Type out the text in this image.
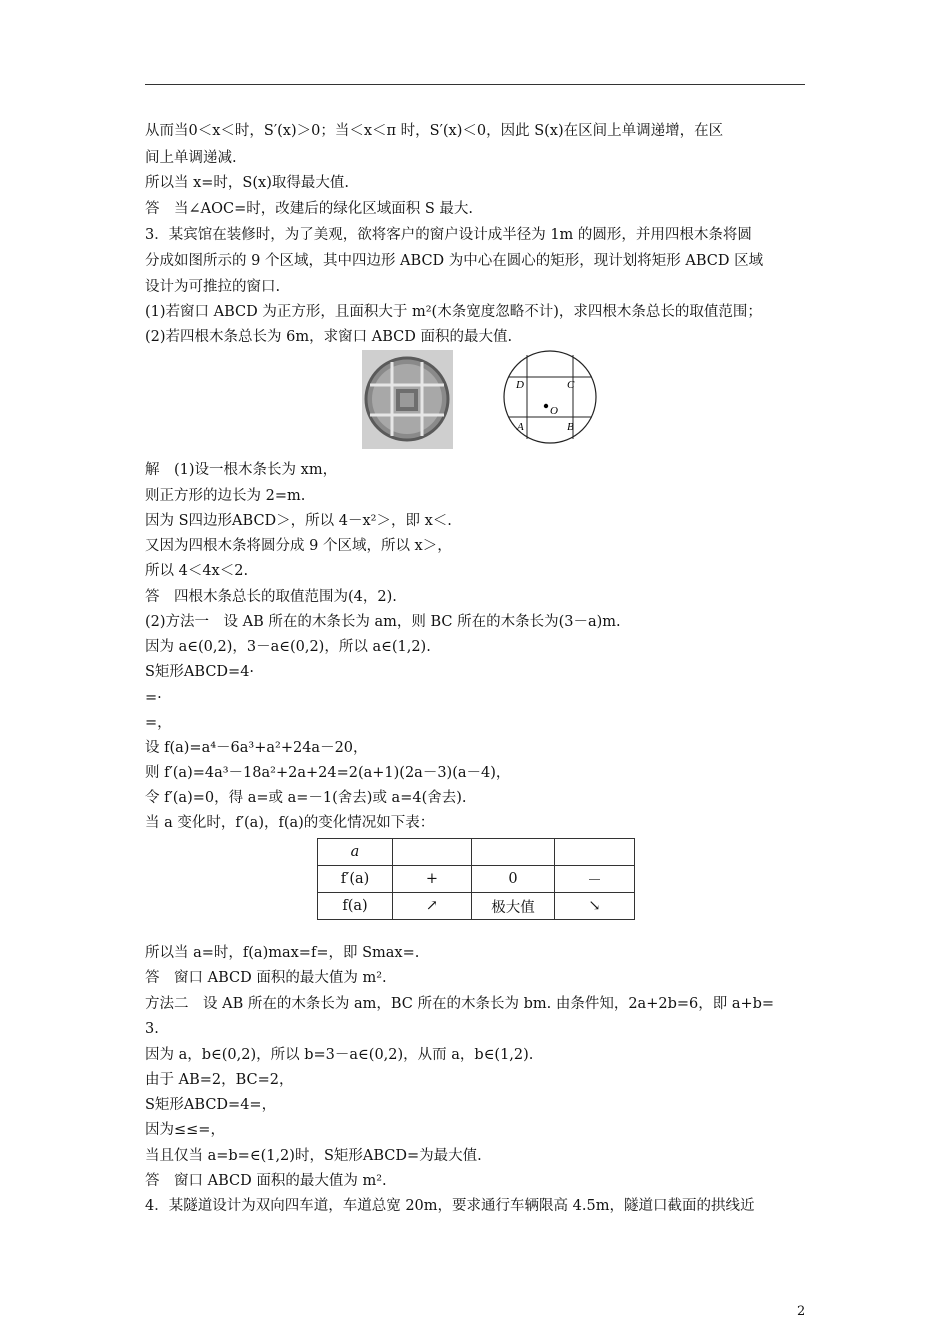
从而当0＜x＜时，S′(x)＞0；当＜x＜π 时，S′(x)＜0，因此 S(x)在区间上单调递增，在区
间上单调递减.
所以当 x=时，S(x)取得最大值.
答　当∠AOC=时，改建后的绿化区域面积 S 最大.
3．某宾馆在装修时，为了美观，欲将客户的窗户设计成半径为 1m 的圆形，并用四根木条将圆
分成如图所示的 9 个区域，其中四边形 ABCD 为中心在圆心的矩形，现计划将矩形 ABCD 区域
设计为可推拉的窗口.
(1)若窗口 ABCD 为正方形，且面积大于 m²(木条宽度忽略不计)，求四根木条总长的取值范围；
(2)若四根木条总长为 6m，求窗口 ABCD 面积的最大值.
D	C
O
A	B
解　(1)设一根木条长为 xm，
则正方形的边长为 2=m.
因为 S四边形ABCD＞，所以 4－x²＞，即 x＜.
又因为四根木条将圆分成 9 个区域，所以 x＞，
所以 4＜4x＜2.
答　四根木条总长的取值范围为(4，2).
(2)方法一　设 AB 所在的木条长为 am，则 BC 所在的木条长为(3－a)m.
因为 a∈(0,2)，3－a∈(0,2)，所以 a∈(1,2).
S矩形ABCD=4·
=·
=，
设 f(a)=a⁴－6a³+a²+24a－20，
则 f′(a)=4a³－18a²+2a+24=2(a+1)(2a－3)(a－4)，
令 f′(a)=0，得 a=或 a=－1(舍去)或 a=4(舍去).
当 a 变化时，f′(a)，f(a)的变化情况如下表：
a			
f′(a)	+	0	－
f(a)	↗	极大值	↘
所以当 a=时，f(a)max=f=，即 Smax=.
答　窗口 ABCD 面积的最大值为 m².
方法二　设 AB 所在的木条长为 am，BC 所在的木条长为 bm. 由条件知，2a+2b=6，即 a+b=
3.
因为 a，b∈(0,2)，所以 b=3－a∈(0,2)，从而 a，b∈(1,2).
由于 AB=2，BC=2，
S矩形ABCD=4=，
因为≤≤=，
当且仅当 a=b=∈(1,2)时，S矩形ABCD=为最大值.
答　窗口 ABCD 面积的最大值为 m².
4．某隧道设计为双向四车道，车道总宽 20m，要求通行车辆限高 4.5m，隧道口截面的拱线近
2
